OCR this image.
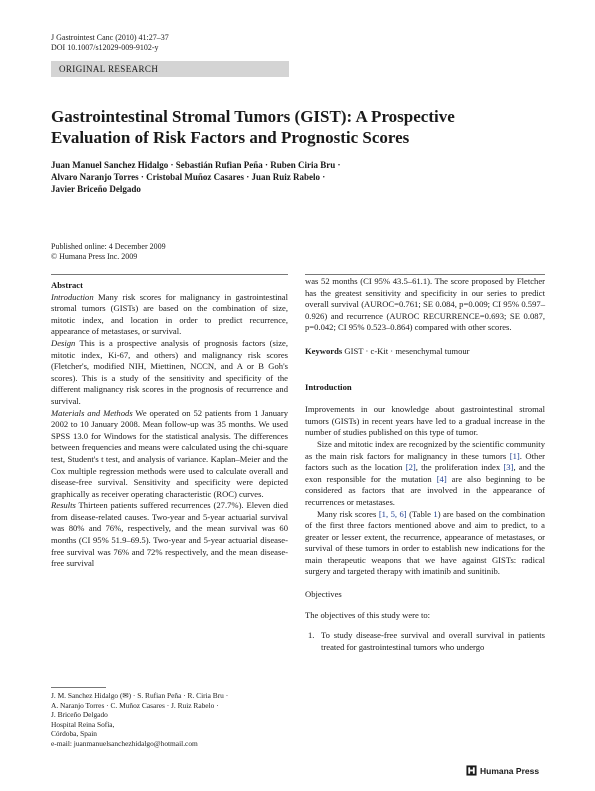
J Gastrointest Canc (2010) 41:27–37
DOI 10.1007/s12029-009-9102-y
ORIGINAL RESEARCH
Gastrointestinal Stromal Tumors (GIST): A Prospective
Evaluation of Risk Factors and Prognostic Scores
Juan Manuel Sanchez Hidalgo · Sebastián Rufian Peña · Ruben Ciria Bru ·
Alvaro Naranjo Torres · Cristobal Muñoz Casares · Juan Ruiz Rabelo ·
Javier Briceño Delgado
Published online: 4 December 2009
© Humana Press Inc. 2009

Abstract

Introduction Many risk scores for malignancy in gastrointestinal stromal tumors (GISTs) are based on the combination of size, mitotic index, and location in order to predict recurrence, appearance of metastases, or survival.

Design This is a prospective analysis of prognosis factors (size, mitotic index, Ki-67, and others) and malignancy risk scores (Fletcher's, modified NIH, Miettinen, NCCN, and A or B Goh's scores). This is a study of the sensitivity and specificity of the different malignancy risk scores in the prognosis of recurrence and survival.

Materials and Methods We operated on 52 patients from 1 January 2002 to 10 January 2008. Mean follow-up was 35 months. We used SPSS 13.0 for Windows for the statistical analysis. The differences between frequencies and means were calculated using the chi-square test, Student's t test, and analysis of variance. Kaplan–Meier and the Cox multiple regression methods were used to calculate overall and disease-free survival. Sensitivity and specificity were depicted graphically as receiver operating characteristic (ROC) curves.

Results Thirteen patients suffered recurrences (27.7%). Eleven died from disease-related causes. Two-year and 5-year actuarial survival was 80% and 76%, respectively, and the mean survival was 60 months (CI 95% 51.9–69.5). Two-year and 5-year actuarial disease-free survival was 76% and 72% respectively, and the mean disease-free survival

was 52 months (CI 95% 43.5–61.1). The score proposed by Fletcher has the greatest sensitivity and specificity in our series to predict overall survival (AUROC=0.761; SE 0.084, p=0.009; CI 95% 0.597–0.926) and recurrence (AUROC RECURRENCE=0.693; SE 0.087, p=0.042; CI 95% 0.523–0.864) compared with other scores.

Keywords GIST · c-Kit · mesenchymal tumour

Introduction

Improvements in our knowledge about gastrointestinal stromal tumors (GISTs) in recent years have led to a gradual increase in the number of studies published on this type of tumor.

Size and mitotic index are recognized by the scientific community as the main risk factors for malignancy in these tumors [1]. Other factors such as the location [2], the proliferation index [3], and the exon responsible for the mutation [4] are also beginning to be considered as factors that are involved in the appearance of recurrences or metastases.

Many risk scores [1, 5, 6] (Table 1) are based on the combination of the first three factors mentioned above and aim to predict, to a greater or lesser extent, the recurrence, appearance of metastases, or survival of these tumors in order to establish new indications for the main therapeutic weapons that we have against GISTs: radical surgery and targeted therapy with imatinib and sunitinib.

Objectives

The objectives of this study were to:

1. To study disease-free survival and overall survival in patients treated for gastrointestinal tumors who undergo
J. M. Sanchez Hidalgo (✉) · S. Rufian Peña · R. Ciria Bru ·
A. Naranjo Torres · C. Muñoz Casares · J. Ruiz Rabelo ·
J. Briceño Delgado
Hospital Reina Sofía,
Córdoba, Spain
e-mail: juanmanuelsanchezhidalgo@hotmail.com
Humana Press
